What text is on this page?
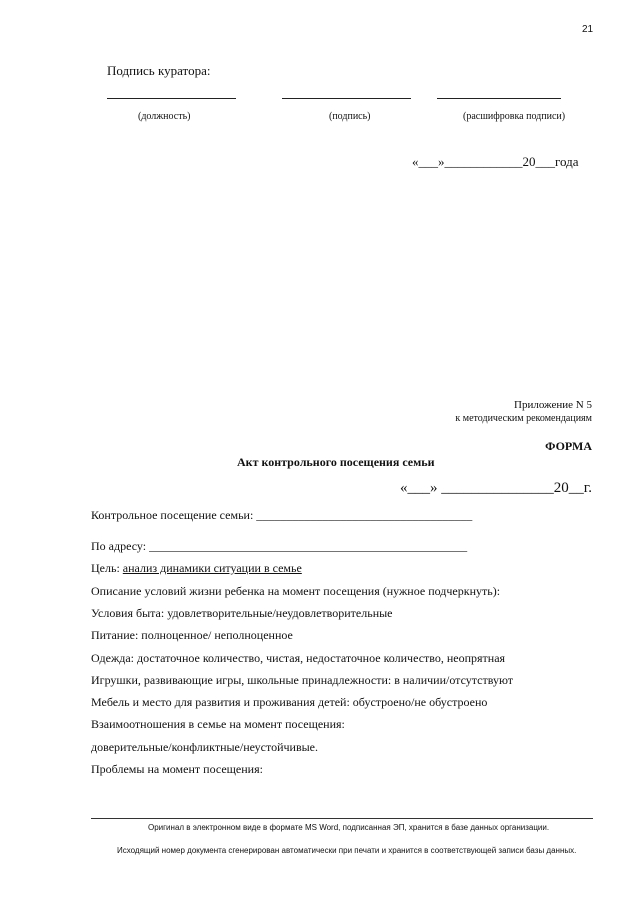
21
Подпись куратора:
(должность)	(подпись)	(расшифровка подписи)
«___»____________20___года
Приложение N 5
к методическим рекомендациям
ФОРМА
Акт контрольного посещения семьи
«___» _______________20__г.
Контрольное посещение семьи: ____________________________________
По адресу: _____________________________________________________
Цель: анализ динамики ситуации в семье
Описание условий жизни ребенка на момент посещения (нужное подчеркнуть):
Условия быта: удовлетворительные/неудовлетворительные
Питание: полноценное/ неполноценное
Одежда: достаточное количество, чистая, недостаточное количество, неопрятная
Игрушки, развивающие игры, школьные принадлежности: в наличии/отсутствуют
Мебель и место для развития и проживания детей: обустроено/не обустроено
Взаимоотношения в семье на момент посещения:
доверительные/конфликтные/неустойчивые.
Проблемы на момент посещения:
Оригинал в электронном виде в формате MS Word, подписанная ЭП, хранится в базе данных организации.
Исходящий номер документа сгенерирован автоматически при печати и хранится в соответствующей записи базы данных.
